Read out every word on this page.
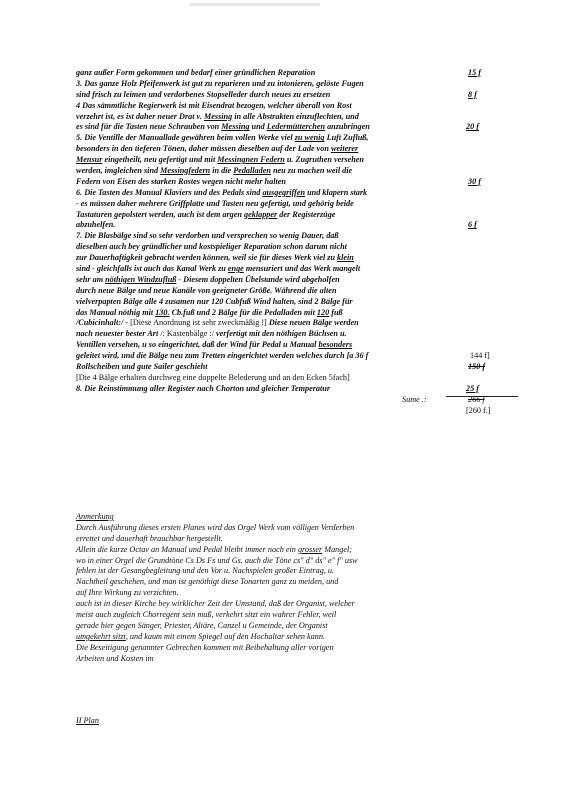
ganz außer Form gekommen und bedarf einer gründlichen Reparation	15 f
3. Das ganze Holz Pfeifenwerk ist gut zu reparieren und zu intonieren, gelöste Fugen
sind frisch zu leimen und verdorbenes Stopselleder durch neues zu ersetzen	8 f
4 Das sämmtliche Regierwerk ist mit Eisendrat bezogen, welcher überall von Rost
verzehrt ist, es ist daher neuer Drat v. Messing in alle Abstrakten einzuflechten, und
es sind für die Tasten neue Schrauben von Messing und Ledermütterchen anzubringen	20 f
5. Die Ventille der Manuallade gewähren beim vollen Werke viel zu wenig Luft Zufluß,
besonders in den tieferen Tönen, daher müssen dieselben auf der Lade von weiterer
Mensur eingetheilt, neu gefertigt und mit Messingnen Federn u. Zugruthen versehen
werden, imgleichen sind Messingfedern in die Pedalladen neu zu machen weil die
Federn von Eisen des starken Rostes wegen nicht mehr halten	30 f
6. Die Tasten des Manual Klaviers und des Pedals sind ausgegriffen und klapern stark
- es müssen daher mehrere Griffplatte und Tasten neu gefertigt, und gehörig beide
Tastaturen gepolstert werden, auch ist dem argen geklapper der Registerzüge
abzuhelfen.	6 f
7. Die Blasbälge sind so sehr verdorben und versprechen so wenig Dauer, daß
dieselben auch bey gründlicher und kostspieliger Reparation schon darum nicht
zur Dauerhaftigkeit gebracht werden können, weil sie für dieses Werk viel zu klein
sind - gleichfalls ist auch das Kanal Werk zu enge mensuriert und das Werk mangelt
sehr am nöthigen Windzufluß - Diesem doppelten Übelstande wird abgeholfen
durch neue Bälge und neue Kanäle von geeigneter Größe. Während die alten
vielverpapten Bälge alle 4 zusamen nur 120 Cubfuß Wind halten, sind 2 Bälge für
das Manual nöthig mit 130. Cb.fuß und 2 Bälge für die Pedalladen mit 120 fuß
/Cubicinhalt:/ - [Diese Anordnung ist sehr zweckmäßig !] Diese neuen Bälge werden
nach neuester bester Art /: Kastenbälge :/ verfertigt mit den nöthigen Büchsen u.
Ventillen versehen, u so eingerichtet, daß der Wind für Pedal u Manual besonders
geleitet wird, und die Bälge neu zum Tretten eingerichtet werden welches durch [a 36 f	144 f]
Rollscheiben und gute Sailer geschieht	150 f
[Die 4 Bälge erhalten durchweg eine doppelte Belederung und an den Ecken 5fach]
8. Die Reinstimmung aller Register nach Chorton und gleicher Temperatur	25 f
Sume .:	266 f
[260 f.]
Anmerkung
Durch Ausführung dieses ersten Planes wird das Orgel Werk vom völligen Verderben
errettet und dauerhaft brauchbar hergestellt.
Allein die kurze Octav an Manual und Pedal bleibt immer noch ein grosser Mangel;
wo in einer Orgel die Grundtöne Cs Ds Fs und Gs. auch die Töne cs" d" ds" e" f" usw
fehlen ist der Gesangbegleitung und den Vor u. Nachspielen großer Eintrag, u.
Nachtheil geschehen, und man ist genöthigt diese Tonarten ganz zu meiden, und
auf Ihre Wirkung zu verzichten.
auch ist in dieser Kirche bey wirklicher Zeit der Umstand, daß der Organist, welcher
meist auch zugleich Chorregent sein muß, verkehrt sitzt ein wahrer Fehler, weil
gerade hier gegen Sänger, Priester, Altäre, Canzel u Gemeinde, der Organist
umgekehrt sitzt, und kaum mit einem Spiegel auf den Hochaltar sehen kann.
Die Beseitigung genannter Gebrechen kommen mit Beibehaltung aller vorigen
Arbeiten und Kosten im
II Plan
